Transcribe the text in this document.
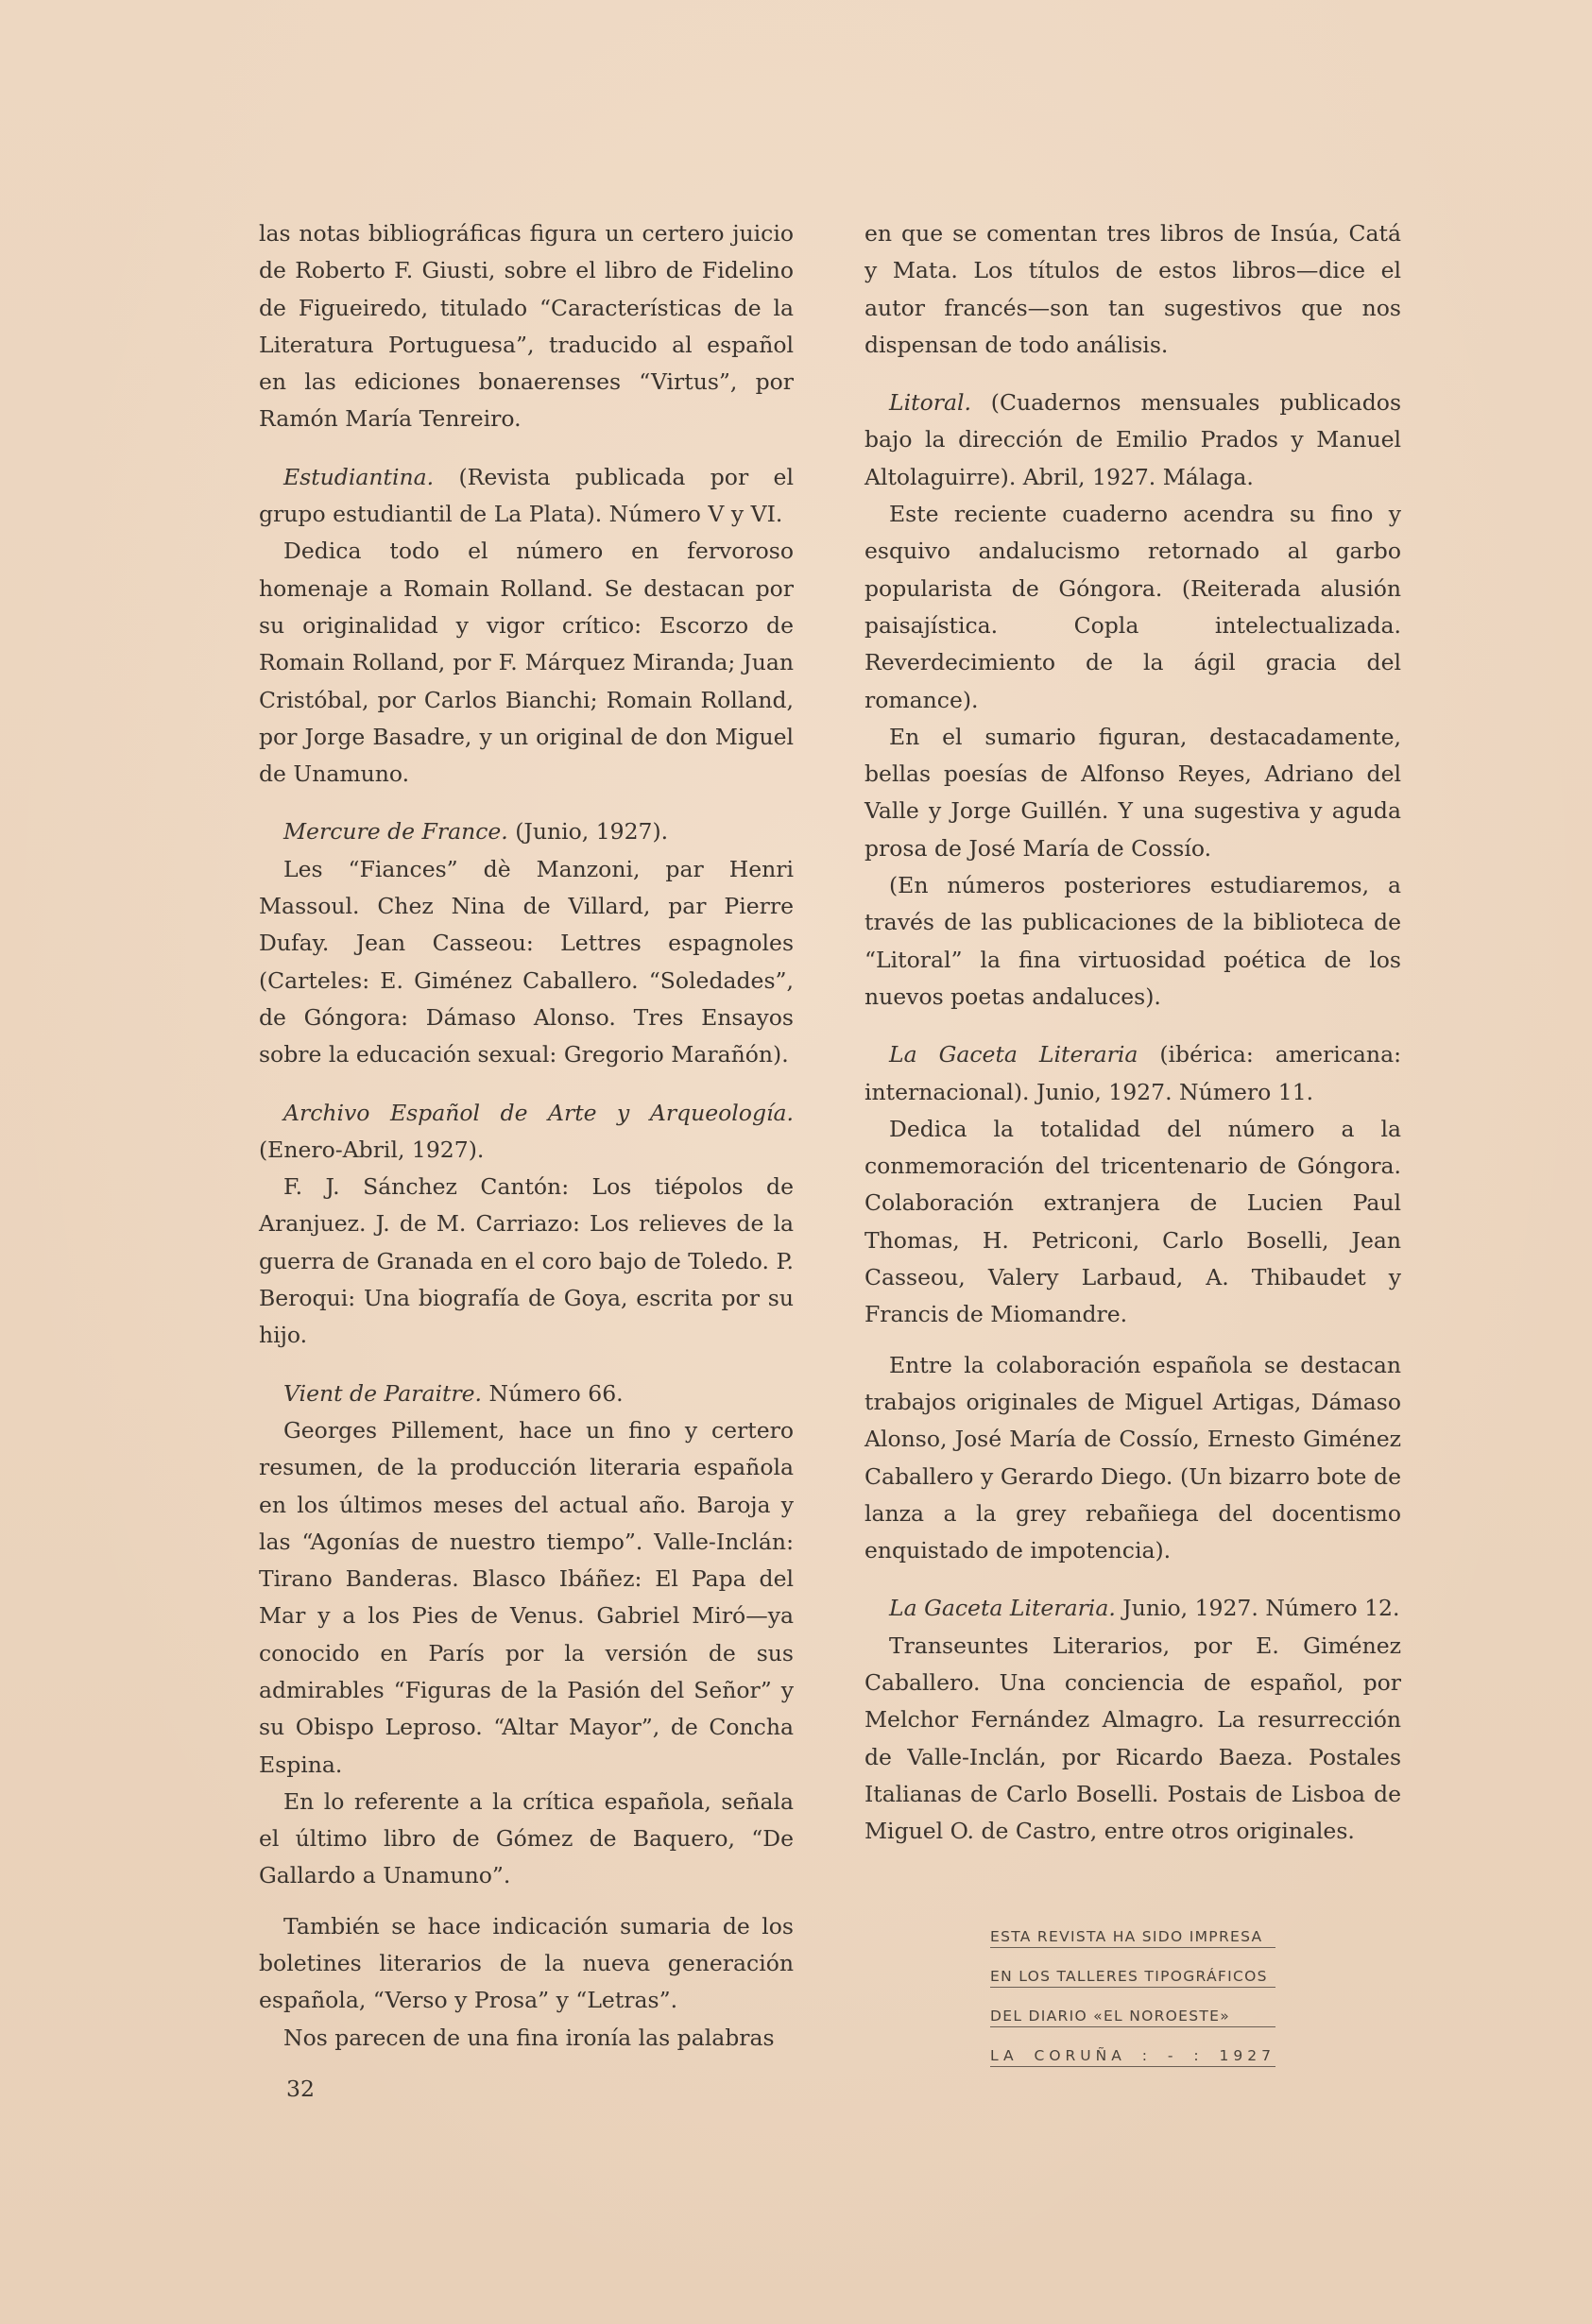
las notas bibliográficas figura un certero juicio de Roberto F. Giusti, sobre el libro de Fidelino de Figueiredo, titulado “Características de la Literatura Portuguesa”, traducido al español en las ediciones bonaerenses “Virtus”, por Ramón María Tenreiro.

Estudiantina. (Revista publicada por el grupo estudiantil de La Plata). Número V y VI.

Dedica todo el número en fervoroso homenaje a Romain Rolland. Se destacan por su originalidad y vigor crítico: Escorzo de Romain Rolland, por F. Márquez Miranda; Juan Cristóbal, por Carlos Bianchi; Romain Rolland, por Jorge Basadre, y un original de don Miguel de Unamuno.

Mercure de France. (Junio, 1927).

Les “Fiances” dè Manzoni, par Henri Massoul. Chez Nina de Villard, par Pierre Dufay. Jean Casseou: Lettres espagnoles (Carteles: E. Giménez Caballero. “Soledades”, de Góngora: Dámaso Alonso. Tres Ensayos sobre la educación sexual: Gregorio Marañón).

Archivo Español de Arte y Arqueología. (Enero-Abril, 1927).

F. J. Sánchez Cantón: Los tiépolos de Aranjuez. J. de M. Carriazo: Los relieves de la guerra de Granada en el coro bajo de Toledo. P. Beroqui: Una biografía de Goya, escrita por su hijo.

Vient de Paraitre. Número 66.

Georges Pillement, hace un fino y certero resumen, de la producción literaria española en los últimos meses del actual año. Baroja y las “Agonías de nuestro tiempo”. Valle-Inclán: Tirano Banderas. Blasco Ibáñez: El Papa del Mar y a los Pies de Venus. Gabriel Miró—ya conocido en París por la versión de sus admirables “Figuras de la Pasión del Señor” y su Obispo Leproso. “Altar Mayor”, de Concha Espina.

En lo referente a la crítica española, señala el último libro de Gómez de Baquero, “De Gallardo a Unamuno”.

También se hace indicación sumaria de los boletines literarios de la nueva generación española, “Verso y Prosa” y “Letras”.

Nos parecen de una fina ironía las palabras

en que se comentan tres libros de Insúa, Catá y Mata. Los títulos de estos libros—dice el autor francés—son tan sugestivos que nos dispensan de todo análisis.

Litoral. (Cuadernos mensuales publicados bajo la dirección de Emilio Prados y Manuel Altolaguirre). Abril, 1927. Málaga.

Este reciente cuaderno acendra su fino y esquivo andalucismo retornado al garbo popularista de Góngora. (Reiterada alusión paisajística. Copla intelectualizada. Reverdecimiento de la ágil gracia del romance).

En el sumario figuran, destacadamente, bellas poesías de Alfonso Reyes, Adriano del Valle y Jorge Guillén. Y una sugestiva y aguda prosa de José María de Cossío.

(En números posteriores estudiaremos, a través de las publicaciones de la biblioteca de “Litoral” la fina virtuosidad poética de los nuevos poetas andaluces).

La Gaceta Literaria (ibérica: americana: internacional). Junio, 1927. Número 11.

Dedica la totalidad del número a la conmemoración del tricentenario de Góngora. Colaboración extranjera de Lucien Paul Thomas, H. Petriconi, Carlo Boselli, Jean Casseou, Valery Larbaud, A. Thibaudet y Francis de Miomandre.

Entre la colaboración española se destacan trabajos originales de Miguel Artigas, Dámaso Alonso, José María de Cossío, Ernesto Giménez Caballero y Gerardo Diego. (Un bizarro bote de lanza a la grey rebañiega del docentismo enquistado de impotencia).

La Gaceta Literaria. Junio, 1927. Número 12.

Transeuntes Literarios, por E. Giménez Caballero. Una conciencia de español, por Melchor Fernández Almagro. La resurrección de Valle-Inclán, por Ricardo Baeza. Postales Italianas de Carlo Boselli. Postais de Lisboa de Miguel O. de Castro, entre otros originales.

32
ESTA REVISTA HA SIDO IMPRESA
EN LOS TALLERES TIPOGRÁFICOS
DEL DIARIO «EL NOROESTE»
LA CORUÑA : - : 1927
